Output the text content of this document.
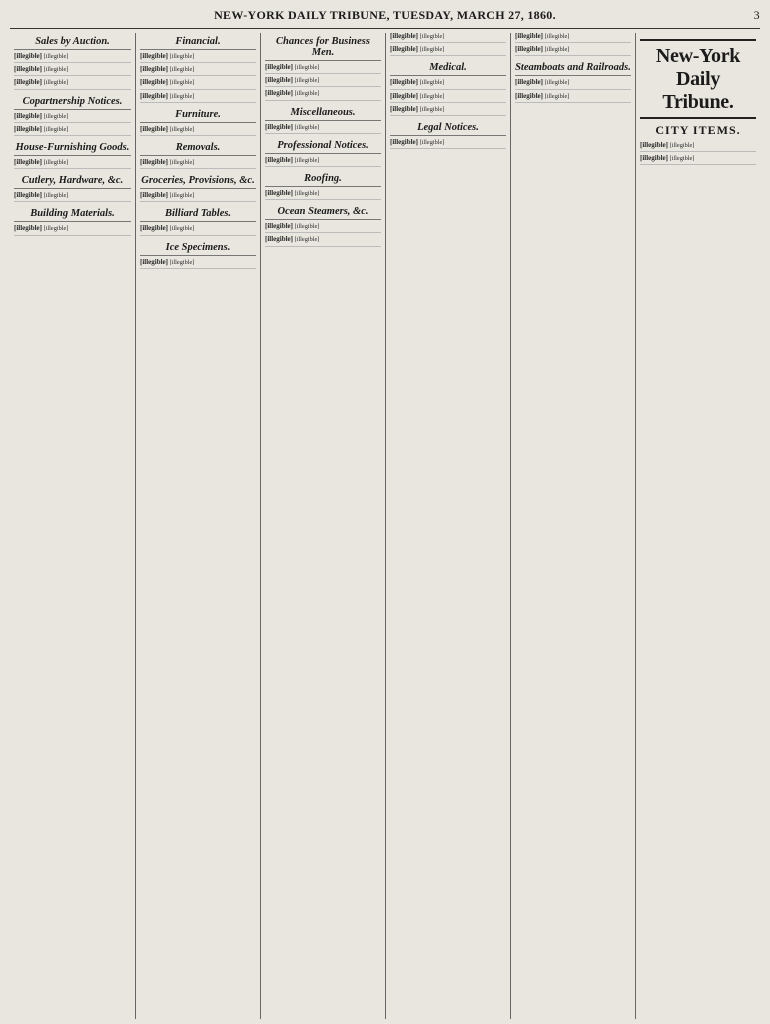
NEW-YORK DAILY TRIBUNE, TUESDAY, MARCH 27, 1860.	3
Sales by Auction.
[illegible] [illegible]
[illegible] [illegible]
[illegible] [illegible]
Copartnership Notices.
[illegible] [illegible]
[illegible] [illegible]
House-Furnishing Goods.
[illegible] [illegible]
Cutlery, Hardware, &c.
[illegible] [illegible]
Building Materials.
[illegible] [illegible]
Financial.
[illegible] [illegible]
[illegible] [illegible]
[illegible] [illegible]
[illegible] [illegible]
Furniture.
[illegible] [illegible]
Removals.
[illegible] [illegible]
Groceries, Provisions, &c.
[illegible] [illegible]
Billiard Tables.
[illegible] [illegible]
Ice Specimens.
[illegible] [illegible]
Chances for Business Men.
[illegible] [illegible]
[illegible] [illegible]
[illegible] [illegible]
Miscellaneous.
[illegible] [illegible]
Professional Notices.
[illegible] [illegible]
Roofing.
[illegible] [illegible]
Ocean Steamers, &c.
[illegible] [illegible]
[illegible] [illegible]
[illegible] [illegible]
[illegible] [illegible]
Medical.
[illegible] [illegible]
[illegible] [illegible]
[illegible] [illegible]
Legal Notices.
[illegible] [illegible]
[illegible] [illegible]
[illegible] [illegible]
Steamboats and Railroads.
[illegible] [illegible]
[illegible] [illegible]
New-York Daily Tribune.
CITY ITEMS.
[illegible] [illegible]
[illegible] [illegible]
